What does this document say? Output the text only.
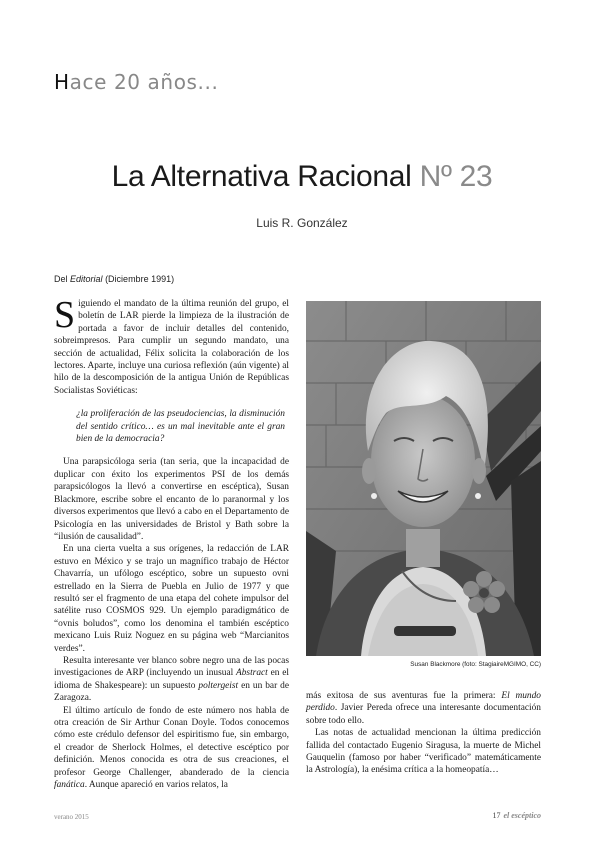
Hace 20 años...
La Alternativa Racional Nº 23
Luis R. González
Del Editorial (Diciembre 1991)

Siguiendo el mandato de la última reunión del grupo, el boletín de LAR pierde la limpieza de la ilustración de portada a favor de incluir detalles del contenido, sobreimpresos. Para cumplir un segundo mandato, una sección de actualidad, Félix solicita la colaboración de los lectores. Aparte, incluye una curiosa reflexión (aún vigente) al hilo de la descomposición de la antigua Unión de Repúblicas Socialistas Soviéticas:

¿la proliferación de las pseudociencias, la disminución del sentido crítico… es un mal inevitable ante el gran bien de la democracia?

Una parapsicóloga seria (tan seria, que la incapacidad de duplicar con éxito los experimentos PSI de los demás parapsicólogos la llevó a convertirse en escéptica), Susan Blackmore, escribe sobre el encanto de lo paranormal y los diversos experimentos que llevó a cabo en el Departamento de Psicología en las universidades de Bristol y Bath sobre la “ilusión de causalidad”.

En una cierta vuelta a sus orígenes, la redacción de LAR estuvo en México y se trajo un magnífico trabajo de Héctor Chavarría, un ufólogo escéptico, sobre un supuesto ovni estrellado en la Sierra de Puebla en Julio de 1977 y que resultó ser el fragmento de una etapa del cohete impulsor del satélite ruso COSMOS 929. Un ejemplo paradigmático de “ovnis boludos”, como los denomina el también escéptico mexicano Luis Ruiz Noguez en su página web “Marcianitos verdes”.

Resulta interesante ver blanco sobre negro una de las pocas investigaciones de ARP (incluyendo un inusual Abstract en el idioma de Shakespeare): un supuesto poltergeist en un bar de Zaragoza.

El último artículo de fondo de este número nos habla de otra creación de Sir Arthur Conan Doyle. Todos conocemos cómo este crédulo defensor del espiritismo fue, sin embargo, el creador de Sherlock Holmes, el detective escéptico por definición. Menos conocida es otra de sus creaciones, el profesor George Challenger, abanderado de la ciencia fanática. Aunque apareció en varios relatos, la

Susan Blackmore (foto: StagiaireMGIMO, CC)

más exitosa de sus aventuras fue la primera: El mundo perdido. Javier Pereda ofrece una interesante documentación sobre todo ello.

Las notas de actualidad mencionan la última predicción fallida del contactado Eugenio Siragusa, la muerte de Michel Gauquelin (famoso por haber “verificado” matemáticamente la Astrología), la enésima crítica a la homeopatía…

verano 2015	17 el escéptico
